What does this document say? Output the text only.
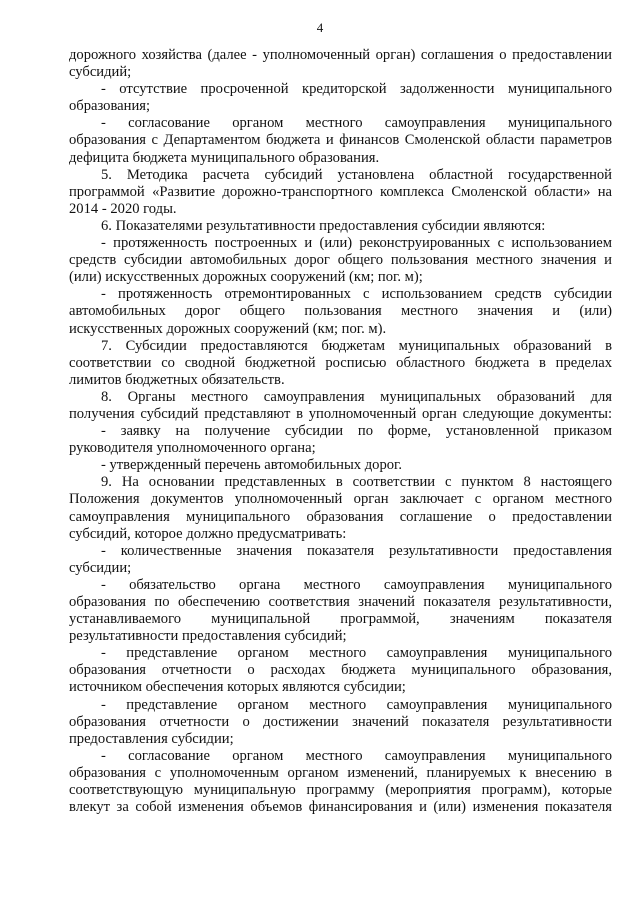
4
дорожного хозяйства (далее - уполномоченный орган) соглашения о предоставлении
субсидий;
- отсутствие просроченной кредиторской задолженности муниципального
образования;
- согласование органом местного самоуправления муниципального
образования с Департаментом бюджета и финансов Смоленской области параметров
дефицита бюджета муниципального образования.
5. Методика расчета субсидий установлена областной государственной
программой «Развитие дорожно-транспортного комплекса Смоленской области» на
2014 - 2020 годы.
6. Показателями результативности предоставления субсидии являются:
- протяженность построенных и (или) реконструированных с использованием
средств субсидии автомобильных дорог общего пользования местного значения и
(или) искусственных дорожных сооружений (км; пог. м);
- протяженность отремонтированных с использованием средств субсидии
автомобильных дорог общего пользования местного значения и (или)
искусственных дорожных сооружений (км; пог. м).
7. Субсидии предоставляются бюджетам муниципальных образований в
соответствии со сводной бюджетной росписью областного бюджета в пределах
лимитов бюджетных обязательств.
8. Органы местного самоуправления муниципальных образований для
получения субсидий представляют в уполномоченный орган следующие документы:
- заявку на получение субсидии по форме, установленной приказом
руководителя уполномоченного органа;
- утвержденный перечень автомобильных дорог.
9. На основании представленных в соответствии с пунктом 8 настоящего
Положения документов уполномоченный орган заключает с органом местного
самоуправления муниципального образования соглашение о предоставлении
субсидий, которое должно предусматривать:
- количественные значения показателя результативности предоставления
субсидии;
- обязательство органа местного самоуправления муниципального
образования по обеспечению соответствия значений показателя результативности,
устанавливаемого муниципальной программой, значениям показателя
результативности предоставления субсидий;
- представление органом местного самоуправления муниципального
образования отчетности о расходах бюджета муниципального образования,
источником обеспечения которых являются субсидии;
- представление органом местного самоуправления муниципального
образования отчетности о достижении значений показателя результативности
предоставления субсидии;
- согласование органом местного самоуправления муниципального
образования с уполномоченным органом изменений, планируемых к внесению в
соответствующую муниципальную программу (мероприятия программ), которые
влекут за собой изменения объемов финансирования и (или) изменения показателя
